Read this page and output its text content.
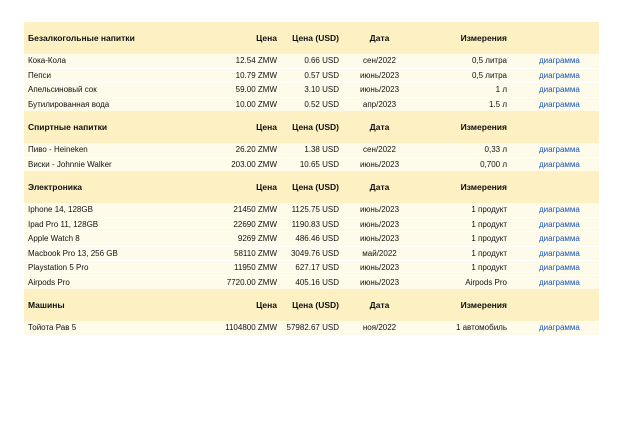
Безалкогольные напитки	Цена	Цена (USD)	Дата	Измерения	
Кока-Кола	12.54 ZMW	0.66 USD	сен/2022	0,5 литра	диаграмма
Пепси	10.79 ZMW	0.57 USD	июнь/2023	0,5 литра	диаграмма
Апельсиновый сок	59.00 ZMW	3.10 USD	июнь/2023	1 л	диаграмма
Бутилированная вода	10.00 ZMW	0.52 USD	апр/2023	1.5 л	диаграмма
Спиртные напитки	Цена	Цена (USD)	Дата	Измерения	
Пиво - Heineken	26.20 ZMW	1.38 USD	сен/2022	0,33 л	диаграмма
Виски - Johnnie Walker	203.00 ZMW	10.65 USD	июнь/2023	0,700 л	диаграмма
Электроника	Цена	Цена (USD)	Дата	Измерения	
Iphone 14, 128GB	21450 ZMW	1125.75 USD	июнь/2023	1 продукт	диаграмма
Ipad Pro 11, 128GB	22690 ZMW	1190.83 USD	июнь/2023	1 продукт	диаграмма
Apple Watch 8	9269 ZMW	486.46 USD	июнь/2023	1 продукт	диаграмма
Macbook Pro 13, 256 GB	58110 ZMW	3049.76 USD	май/2022	1 продукт	диаграмма
Playstation 5 Pro	11950 ZMW	627.17 USD	июнь/2023	1 продукт	диаграмма
Airpods Pro	7720.00 ZMW	405.16 USD	июнь/2023	Airpods Pro	диаграмма
Машины	Цена	Цена (USD)	Дата	Измерения	
Тойота Рав 5	1104800 ZMW	57982.67 USD	ноя/2022	1 автомобиль	диаграмма
